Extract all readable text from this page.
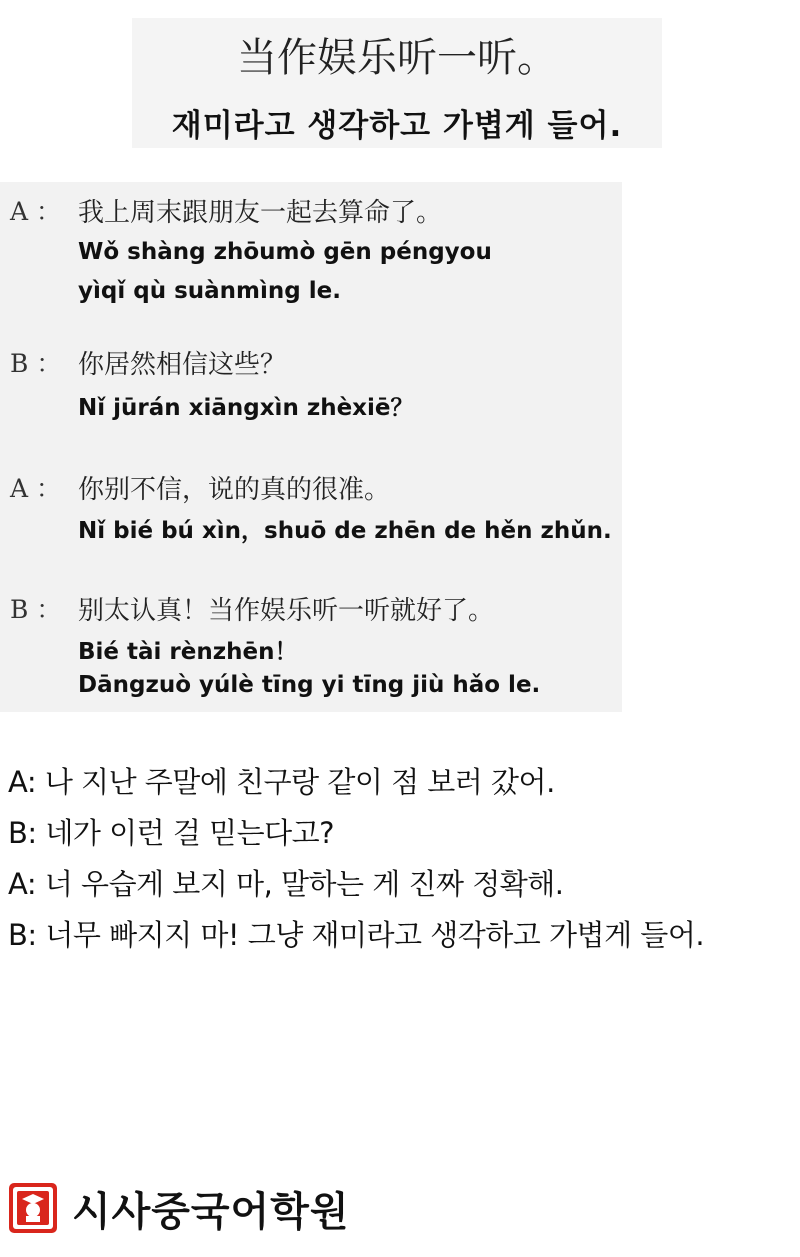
当作娱乐听一听。
재미라고 생각하고 가볍게 들어.
A ： 我上周末跟朋友一起去算命了。
Wǒ shàng zhōumò gēn péngyou
yìqǐ qù suànmìng le.
B ： 你居然相信这些？
Nǐ jūrán xiāngxìn zhèxiē？
A ： 你别不信，说的真的很准。
Nǐ bié bú xìn，shuō de zhēn de hěn zhǔn.
B ： 别太认真！当作娱乐听一听就好了。
Bié tài rènzhēn！
Dāngzuò yúlè tīng yi tīng jiù hǎo le.
A: 나 지난 주말에 친구랑 같이 점 보러 갔어.
B: 네가 이런 걸 믿는다고?
A: 너 우습게 보지 마, 말하는 게 진짜 정확해.
B: 너무 빠지지 마! 그냥 재미라고 생각하고 가볍게 들어.
시사중국어학원
